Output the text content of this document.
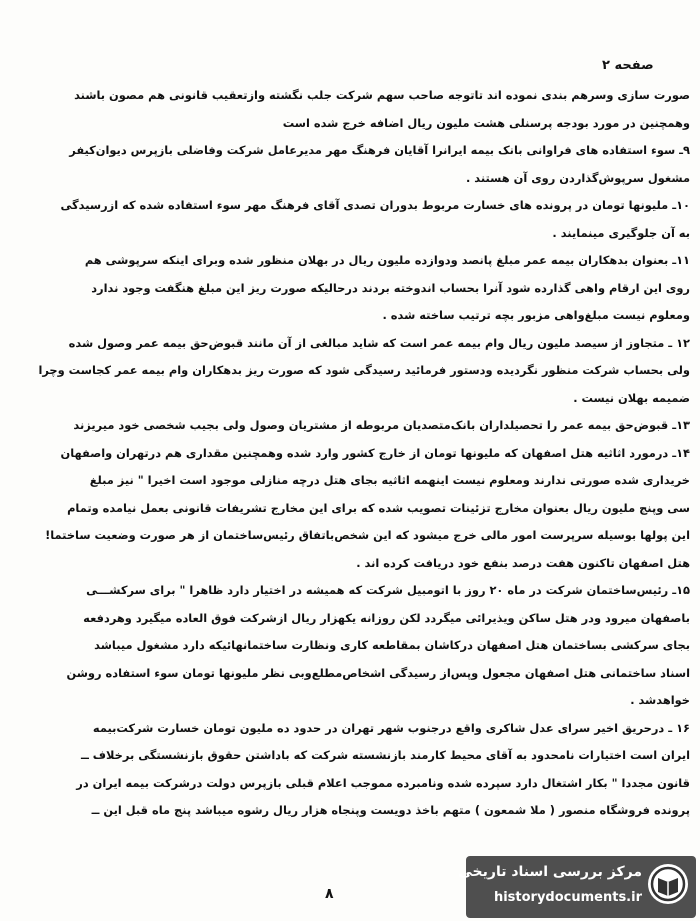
صفحه ۲
صورت سازی وسرهم بندی نموده اند تاتوجه صاحب سهم شرکت جلب نگشته وازتعقیب قانونی هم مصون باشند
وهمچنین در مورد بودجه پرسنلی هشت ملیون ریال اضافه خرج شده است
۹ـ سوء استفاده های فراوانی بانک بیمه ایرانرا آقایان فرهنگ مهر مدیرعامل شرکت وفاضلی بازپرس دیوان‌کیفر
مشغول سرپوش‌گذاردن روی آن هستند .
۱۰ـ ملیونها تومان در پرونده های خسارت مربوط بدوران تصدی آقای فرهنگ مهر سوء استفاده شده که ازرسیدگی
به آن جلوگیری مینمایند .
۱۱ـ بعنوان بدهکاران بیمه عمر مبلغ‌ پانصد ودوازده ملیون ریال در بهلان منظور شده وبرای اینکه سرپوشی هم
روی این ارقام واهی گذارده شود آنرا بحساب اندوخته بردند درحالیکه صورت ریز این مبلغ هنگفت وجود ندارد
ومعلوم نیست مبلغ‌واهی مزبور بچه ترتیب ساخته شده .
۱۲ ـ متجاوز از سیصد ملیون ریال وام بیمه عمر است که شاید مبالغی از آن مانند قبوض‌حق بیمه عمر وصول شده
ولی بحساب شرکت منظور نگردیده ودستور فرمائید رسیدگی شود که صورت ریز بدهکاران وام بیمه عمر کجاست وچرا
ضمیمه بهلان نیست .
۱۳ـ قبوض‌حق بیمه عمر را تحصیلداران بانک‌متصدیان مربوطه از مشتریان وصول ولی بجیب شخصی خود میریزند
۱۴ـ درمورد اثاثیه هتل اصفهان که ملیونها تومان از خارج کشور وارد شده وهمچنین مقداری هم درتهران واصفهان
خریداری شده صورتی ندارند ومعلوم نیست اینهمه اثاثیه بجای هتل درچه منازلی موجود است اخیرا " نیز مبلغ
سی وپنج ملیون ریال بعنوان مخارج تزئینات تصویب شده که برای این مخارج تشریفات قانونی بعمل نیامده وتمام
این پولها بوسیله سرپرست امور مالی خرج میشود که این شخص‌باتفاق رئیس‌ساختمان از هر صورت وضعیت ساختما!
هتل اصفهان تاکنون هفت درصد بنفع خود دریافت کرده اند .
۱۵ـ رئیس‌ساختمان شرکت در ماه ۲۰ روز با اتومبیل شرکت که همیشه در اختیار دارد ظاهرا " برای سرکشـــی
باصفهان میرود ودر هتل ساکن ویذیرائی میگردد لکن روزانه یکهزار ریال ازشرکت فوق العاده میگیرد وهردفعه
بجای سرکشی بساختمان هتل اصفهان درکاشان بمقاطعه کاری ونظارت ساختمانهائیکه دارد مشغول میباشد
اسناد ساختمانی هتل اصفهان مجعول وپس‌از رسیدگی اشخاص‌مطلع‌وبی نظر ملیونها تومان سوء استفاده روشن
خواهدشد .
۱۶ ـ درحریق اخیر سرای عدل شاکری واقع درجنوب شهر تهران در حدود ده ملیون تومان خسارت شرکت‌بیمه
ایران است اختیارات نامحدود به آقای محیط کارمند بازنشسته شرکت که باداشتن حقوق بازنشستگی برخلاف ــ
قانون مجددا " بکار اشتغال دارد سپرده شده ونامبرده مموجب اعلام قبلی بازپرس دولت درشرکت بیمه ایران در
پرونده فروشگاه منصور ( ملا شمعون ) متهم باخذ دویست وپنجاه هزار ریال رشوه میباشد پنج ماه قبل این ــ
۸
مرکز بررسی اسناد تاریخی
historydocuments.ir
